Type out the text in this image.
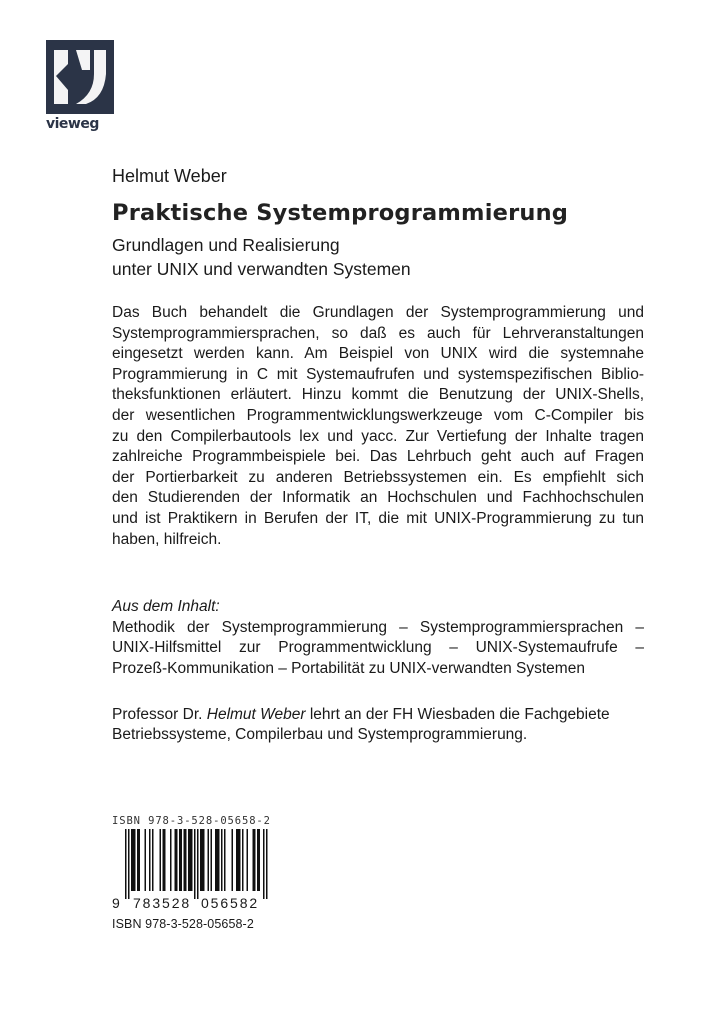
vieweg

Helmut Weber

Praktische Systemprogrammierung
Grundlagen und Realisierung
unter UNIX und verwandten Systemen
Das Buch behandelt die Grundlagen der Systemprogrammierung und
Systemprogrammiersprachen, so daß es auch für Lehrveranstaltungen
eingesetzt werden kann. Am Beispiel von UNIX wird die systemnahe
Programmierung in C mit Systemaufrufen und systemspezifischen Biblio-
theksfunktionen erläutert. Hinzu kommt die Benutzung der UNIX-Shells,
der wesentlichen Programmentwicklungswerkzeuge vom C-Compiler bis
zu den Compilerbautools lex und yacc. Zur Vertiefung der Inhalte tragen
zahlreiche Programmbeispiele bei. Das Lehrbuch geht auch auf Fragen
der Portierbarkeit zu anderen Betriebssystemen ein. Es empfiehlt sich
den Studierenden der Informatik an Hochschulen und Fachhochschulen
und ist Praktikern in Berufen der IT, die mit UNIX-Programmierung zu tun
haben, hilfreich.
Aus dem Inhalt:
Methodik der Systemprogrammierung – Systemprogrammiersprachen –
UNIX-Hilfsmittel zur Programmentwicklung – UNIX-Systemaufrufe –
Prozeß-Kommunikation – Portabilität zu UNIX-verwandten Systemen
Professor Dr. Helmut Weber lehrt an der FH Wiesbaden die Fachgebiete
Betriebssysteme, Compilerbau und Systemprogrammierung.

ISBN 978-3-528-05658-2

9 783528 056582

ISBN 978-3-528-05658-2
